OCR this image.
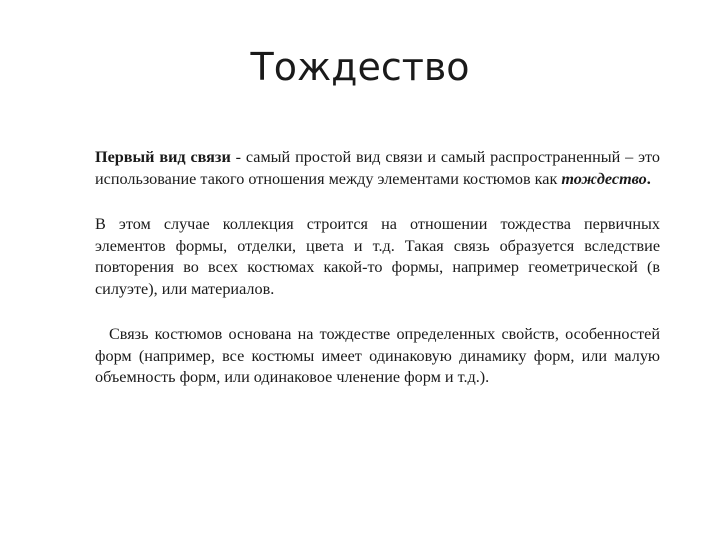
Тождество

Первый вид связи - самый простой вид связи и самый распространенный – это использование такого отношения между элементами костюмов как тождество.

В этом случае коллекция строится на отношении тождества первичных элементов формы, отделки, цвета и т.д. Такая связь образуется вследствие повторения во всех костюмах какой-то формы, например геометрической (в силуэте), или материалов.

Связь костюмов основана на тождестве определенных свойств, особенностей форм (например, все костюмы имеет одинаковую динамику форм, или малую объемность форм, или одинаковое членение форм и т.д.).
